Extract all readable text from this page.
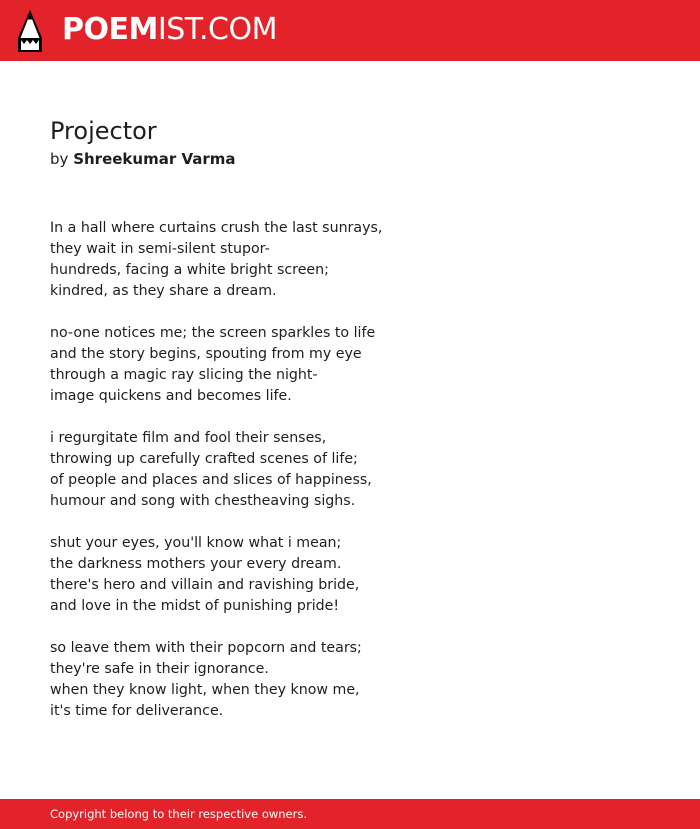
POEMIST.COM
Projector
by Shreekumar Varma
In a hall where curtains crush the last sunrays,
they wait in semi-silent stupor-
hundreds, facing a white bright screen;
kindred, as they share a dream.
no-one notices me; the screen sparkles to life
and the story begins, spouting from my eye
through a magic ray slicing the night-
image quickens and becomes life.
i regurgitate film and fool their senses,
throwing up carefully crafted scenes of life;
of people and places and slices of happiness,
humour and song with chestheaving sighs.
shut your eyes, you'll know what i mean;
the darkness mothers your every dream.
there's hero and villain and ravishing bride,
and love in the midst of punishing pride!
so leave them with their popcorn and tears;
they're safe in their ignorance.
when they know light, when they know me,
it's time for deliverance.
Copyright belong to their respective owners.
